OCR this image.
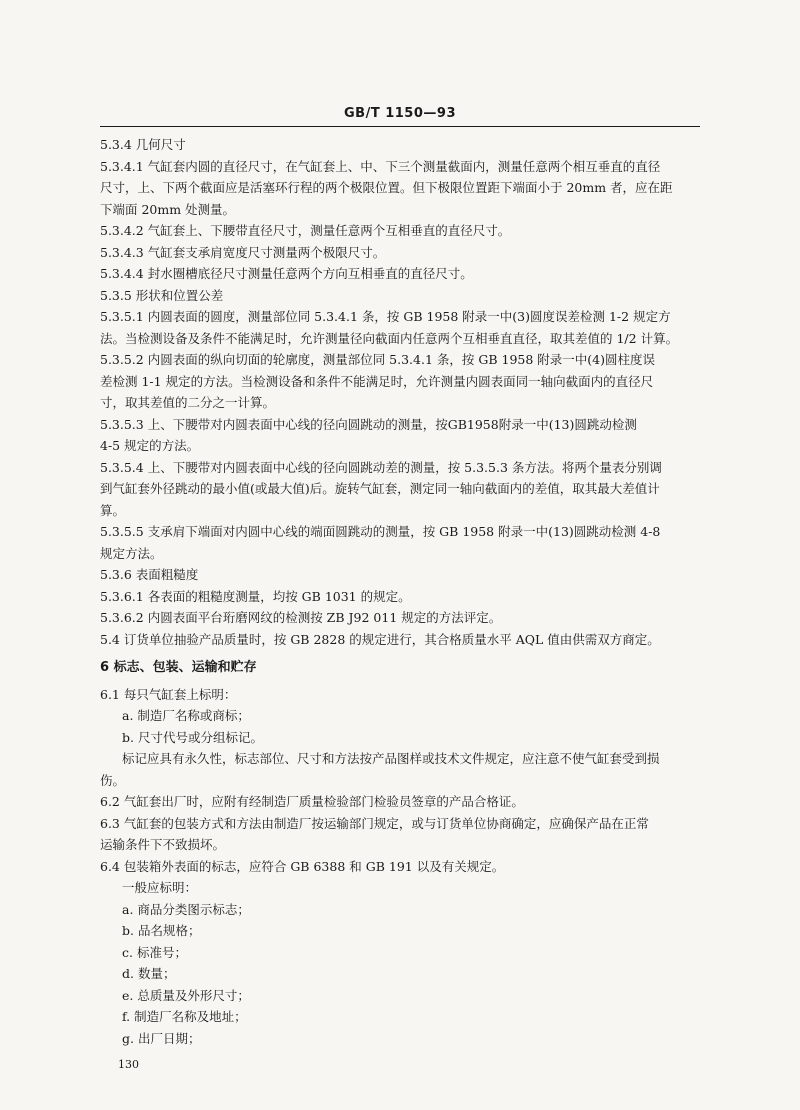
GB/T 1150—93
5.3.4 几何尺寸
5.3.4.1 气缸套内圆的直径尺寸，在气缸套上、中、下三个测量截面内，测量任意两个相互垂直的直径
尺寸，上、下两个截面应是活塞环行程的两个极限位置。但下极限位置距下端面小于 20mm 者，应在距
下端面 20mm 处测量。
5.3.4.2 气缸套上、下腰带直径尺寸，测量任意两个互相垂直的直径尺寸。
5.3.4.3 气缸套支承肩宽度尺寸测量两个极限尺寸。
5.3.4.4 封水圈槽底径尺寸测量任意两个方向互相垂直的直径尺寸。
5.3.5 形状和位置公差
5.3.5.1 内圆表面的圆度，测量部位同 5.3.4.1 条，按 GB 1958 附录一中(3)圆度误差检测 1-2 规定方
法。当检测设备及条件不能满足时，允许测量径向截面内任意两个互相垂直直径，取其差值的 1/2 计算。
5.3.5.2 内圆表面的纵向切面的轮廓度，测量部位同 5.3.4.1 条，按 GB 1958 附录一中(4)圆柱度误
差检测 1-1 规定的方法。当检测设备和条件不能满足时，允许测量内圆表面同一轴向截面内的直径尺
寸，取其差值的二分之一计算。
5.3.5.3 上、下腰带对内圆表面中心线的径向圆跳动的测量，按GB1958附录一中(13)圆跳动检测
4-5 规定的方法。
5.3.5.4 上、下腰带对内圆表面中心线的径向圆跳动差的测量，按 5.3.5.3 条方法。将两个量表分别调
到气缸套外径跳动的最小值(或最大值)后。旋转气缸套，测定同一轴向截面内的差值，取其最大差值计
算。
5.3.5.5 支承肩下端面对内圆中心线的端面圆跳动的测量，按 GB 1958 附录一中(13)圆跳动检测 4-8
规定方法。
5.3.6 表面粗糙度
5.3.6.1 各表面的粗糙度测量，均按 GB 1031 的规定。
5.3.6.2 内圆表面平台珩磨网纹的检测按 ZB J92 011 规定的方法评定。
5.4 订货单位抽验产品质量时，按 GB 2828 的规定进行，其合格质量水平 AQL 值由供需双方商定。
6 标志、包装、运输和贮存
6.1 每只气缸套上标明：
a. 制造厂名称或商标；
b. 尺寸代号或分组标记。
标记应具有永久性，标志部位、尺寸和方法按产品图样或技术文件规定，应注意不使气缸套受到损
伤。
6.2 气缸套出厂时，应附有经制造厂质量检验部门检验员签章的产品合格证。
6.3 气缸套的包装方式和方法由制造厂按运输部门规定，或与订货单位协商确定，应确保产品在正常
运输条件下不致损坏。
6.4 包装箱外表面的标志，应符合 GB 6388 和 GB 191 以及有关规定。
一般应标明：
a. 商品分类图示标志；
b. 品名规格；
c. 标准号；
d. 数量；
e. 总质量及外形尺寸；
f. 制造厂名称及地址；
g. 出厂日期；
130
